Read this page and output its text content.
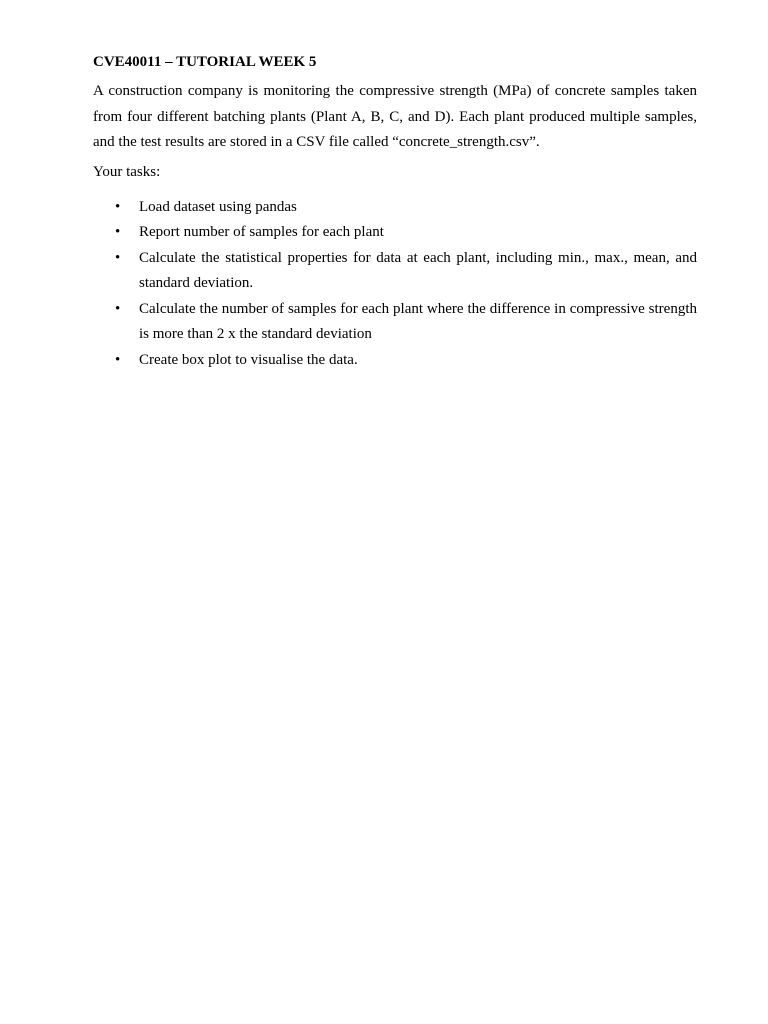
CVE40011 – TUTORIAL WEEK 5

A construction company is monitoring the compressive strength (MPa) of concrete samples taken from four different batching plants (Plant A, B, C, and D). Each plant produced multiple samples, and the test results are stored in a CSV file called “concrete_strength.csv”.

Your tasks:

• Load dataset using pandas
• Report number of samples for each plant
• Calculate the statistical properties for data at each plant, including min., max., mean, and standard deviation.
• Calculate the number of samples for each plant where the difference in compressive strength is more than 2 x the standard deviation
• Create box plot to visualise the data.
